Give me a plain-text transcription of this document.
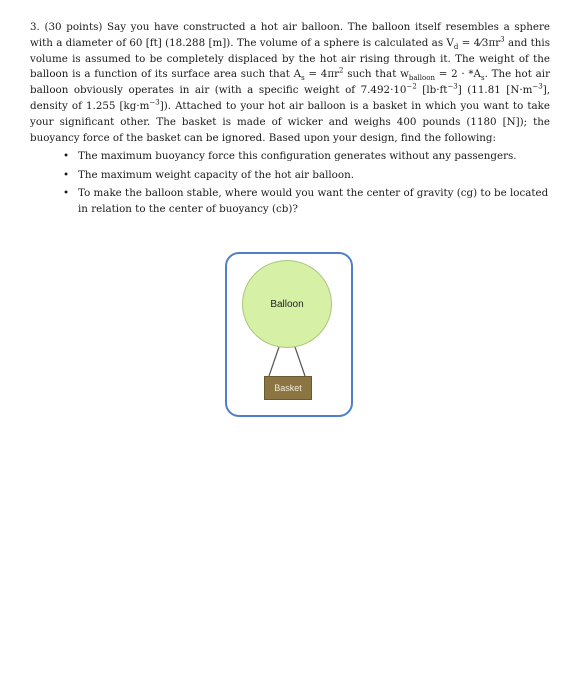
3. (30 points) Say you have constructed a hot air balloon. The balloon itself resembles a sphere with a diameter of 60 [ft] (18.288 [m]). The volume of a sphere is calculated as $V_d$ = $4⁄3\pi r^3$ and this volume is assumed to be completely displaced by the hot air rising through it. The weight of the balloon is a function of its surface area such that $A_s = 4\pi r^2$ such that $w_{balloon} = 2 \cdot *A_s$. The hot air balloon obviously operates in air (with a specific weight of $7.492\cdot 10^{-2}$ $[lb\cdot ft^{-3}]$ (11.81 $[N\cdot m^{-3}]$, density of 1.255 $[kg\cdot m^{-3}]$). Attached to your hot air balloon is a basket in which you want to take your significant other. The basket is made of wicker and weighs 400 pounds (1180 [N]); the buoyancy force of the basket can be ignored. Based upon your design, find the following:

• The maximum buoyancy force this configuration generates without any passengers.
• The maximum weight capacity of the hot air balloon.
• To make the balloon stable, where would you want the center of gravity (cg) to be located in relation to the center of buoyancy (cb)?
Balloon
Basket
